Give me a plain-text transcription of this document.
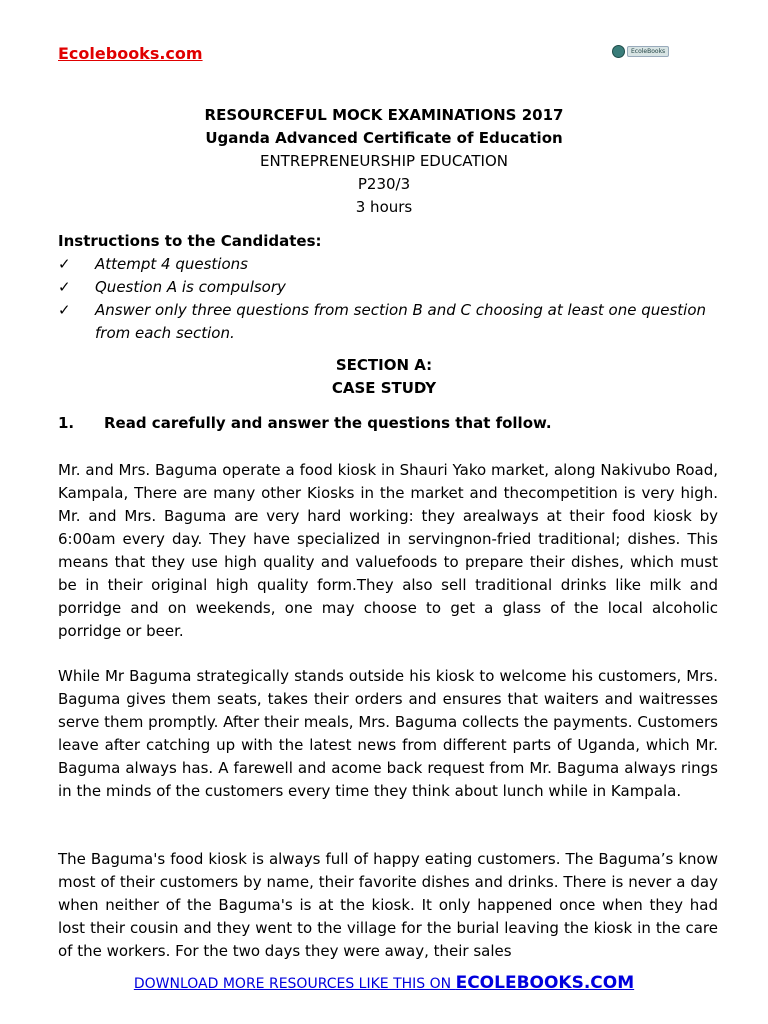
Ecolebooks.com	EcoleBooks
RESOURCEFUL MOCK EXAMINATIONS 2017
Uganda Advanced Certificate of Education
ENTREPRENEURSHIP EDUCATION
P230/3
3 hours
Instructions to the Candidates:
✓	Attempt 4 questions
✓	Question A is compulsory
✓	Answer only three questions from section B and C choosing at least one question from each section.
SECTION A:
CASE STUDY
1.	Read carefully and answer the questions that follow.

Mr. and Mrs. Baguma operate a food kiosk in Shauri Yako market, along Nakivubo Road, Kampala, There are many other Kiosks in the market and thecompetition is very high. Mr. and Mrs. Baguma are very hard working: they arealways at their food kiosk by 6:00am every day. They have specialized in servingnon-fried traditional; dishes. This means that they use high quality and valuefoods to prepare their dishes, which must be in their original high quality form.They also sell traditional drinks like milk and porridge and on weekends, one may choose to get a glass of the local alcoholic porridge or beer.

While Mr Baguma strategically stands outside his kiosk to welcome his customers, Mrs. Baguma gives them seats, takes their orders and ensures that waiters and waitresses serve them promptly. After their meals, Mrs. Baguma collects the payments. Customers leave after catching up with the latest news from different parts of Uganda, which Mr. Baguma always has. A farewell and acome back request from Mr. Baguma always rings in the minds of the customers every time they think about lunch while in Kampala.

The Baguma's food kiosk is always full of happy eating customers. The Baguma’s know most of their customers by name, their favorite dishes and drinks. There is never a day when neither of the Baguma's is at the kiosk. It only happened once when they had lost their cousin and they went to the village for the burial leaving the kiosk in the care of the workers. For the two days they were away, their sales

DOWNLOAD MORE RESOURCES LIKE THIS ON ECOLEBOOKS.COM
